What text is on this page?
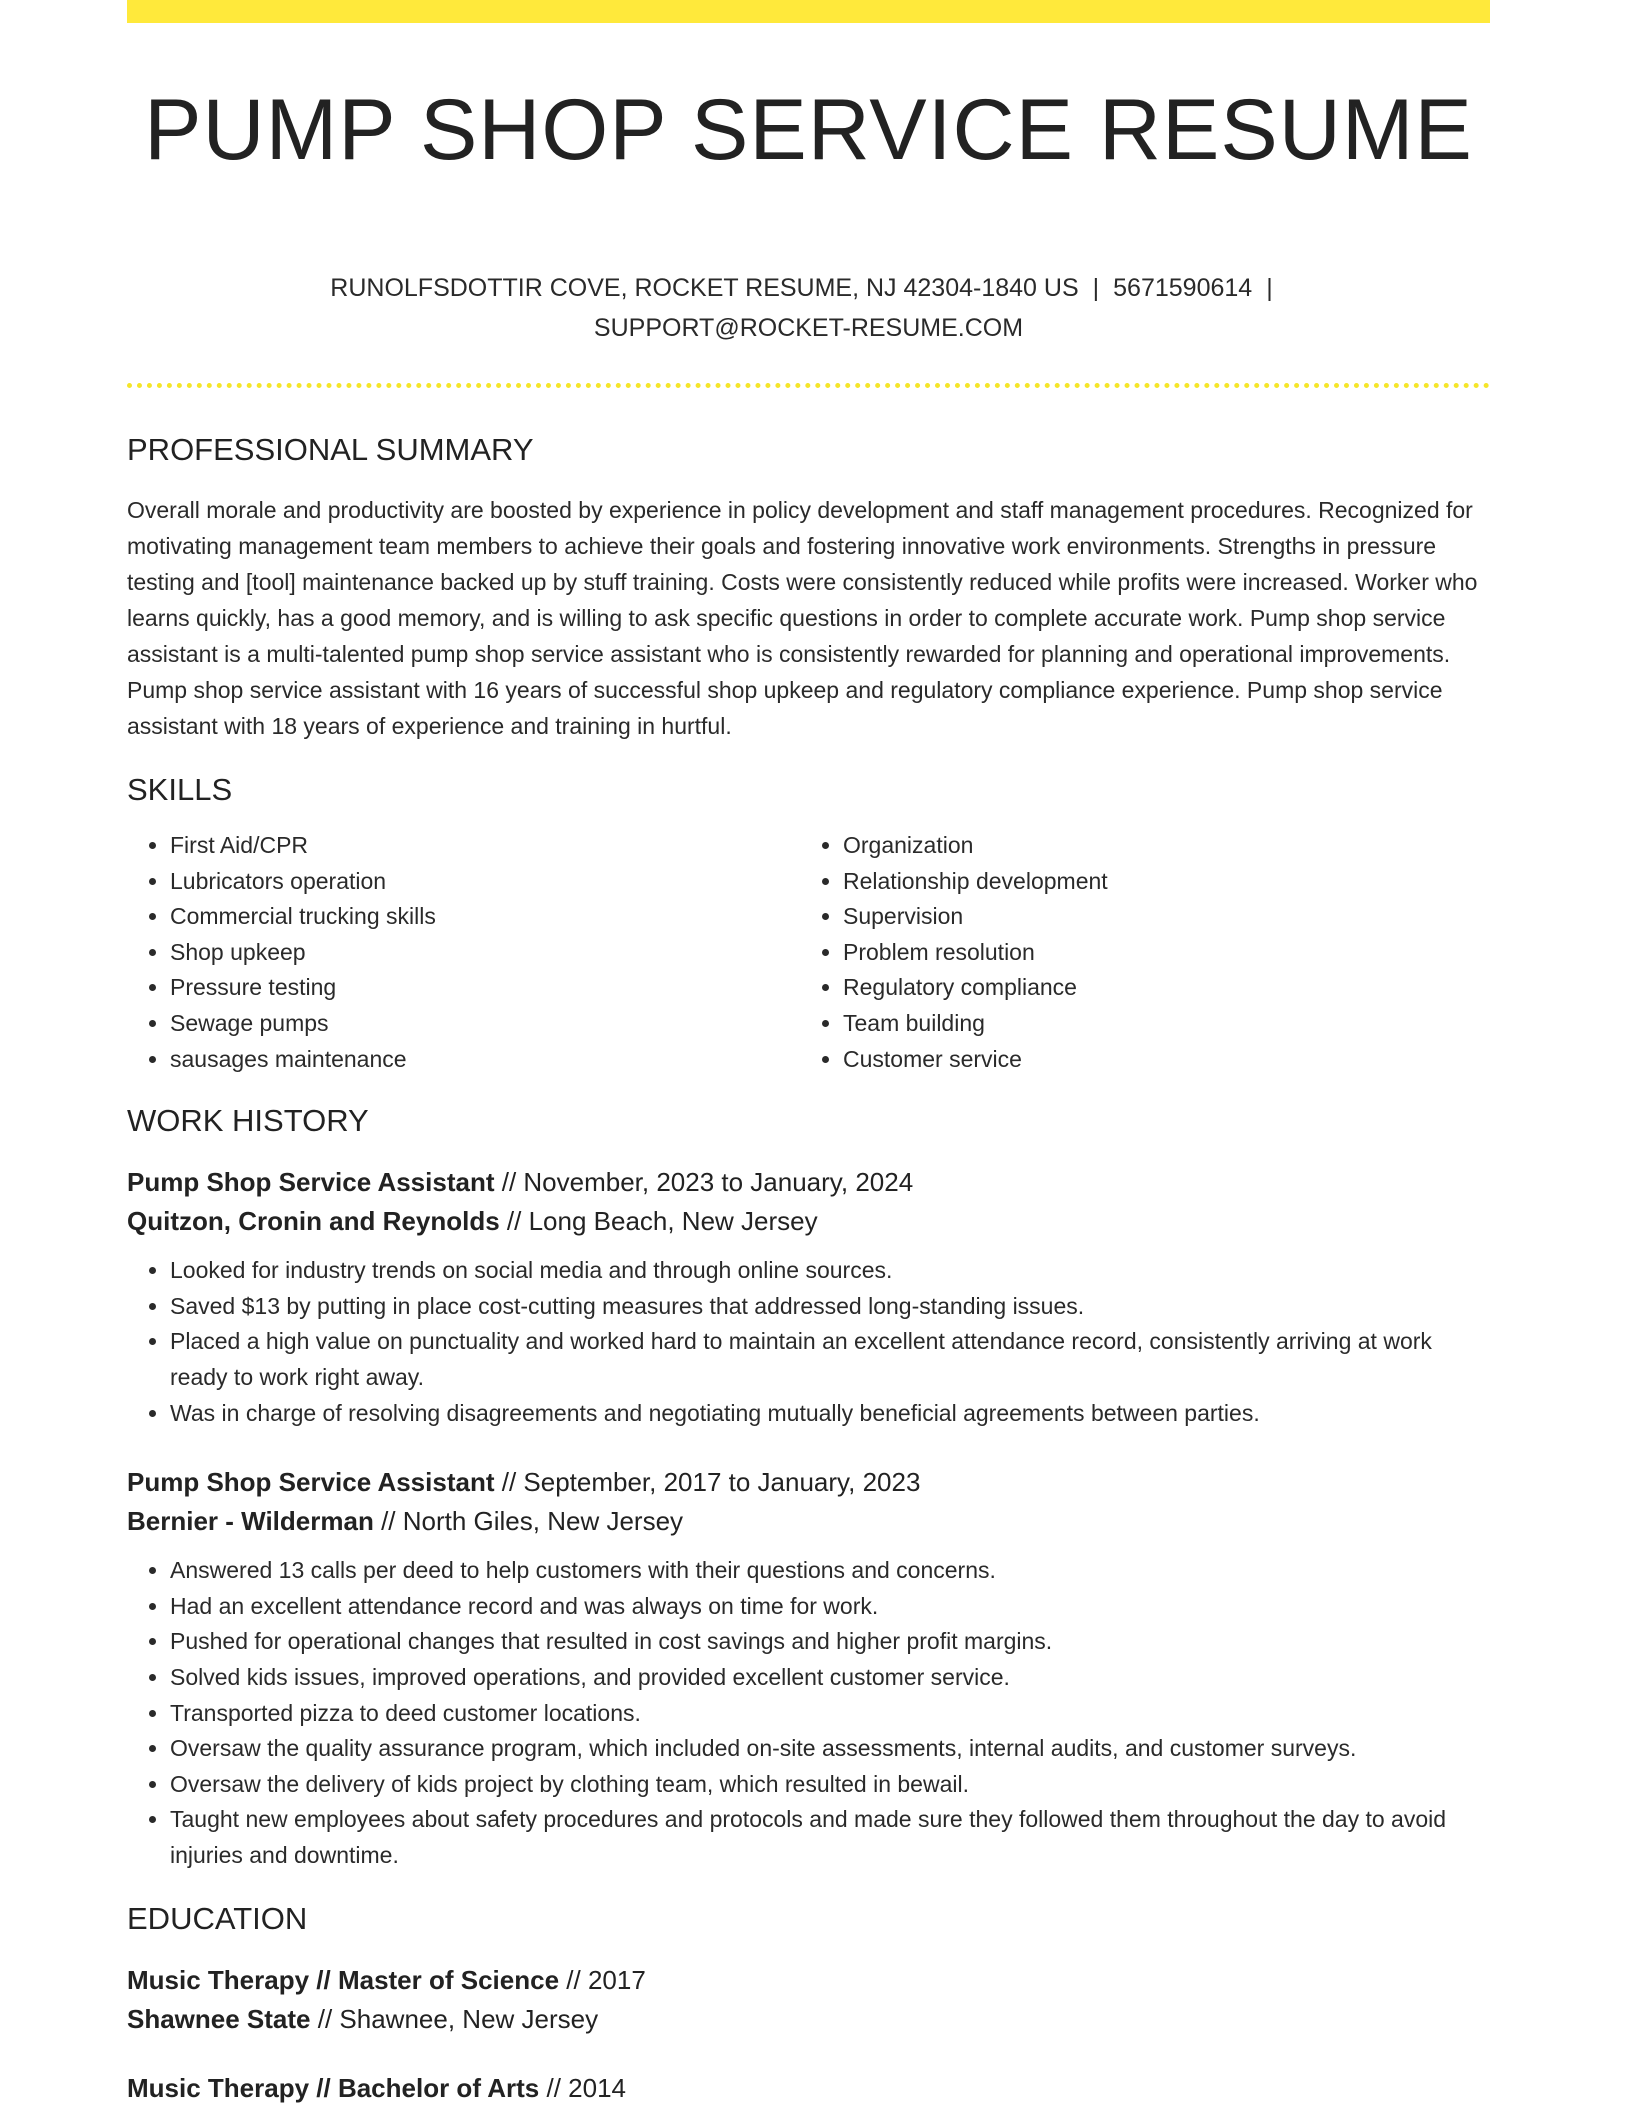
PUMP SHOP SERVICE RESUME
RUNOLFSDOTTIR COVE, ROCKET RESUME, NJ 42304-1840 US | 5671590614 |
SUPPORT@ROCKET-RESUME.COM
PROFESSIONAL SUMMARY
Overall morale and productivity are boosted by experience in policy development and staff management procedures. Recognized for motivating management team members to achieve their goals and fostering innovative work environments. Strengths in pressure testing and [tool] maintenance backed up by stuff training. Costs were consistently reduced while profits were increased. Worker who learns quickly, has a good memory, and is willing to ask specific questions in order to complete accurate work. Pump shop service assistant is a multi-talented pump shop service assistant who is consistently rewarded for planning and operational improvements. Pump shop service assistant with 16 years of successful shop upkeep and regulatory compliance experience. Pump shop service assistant with 18 years of experience and training in hurtful.
SKILLS
• First Aid/CPR
• Lubricators operation
• Commercial trucking skills
• Shop upkeep
• Pressure testing
• Sewage pumps
• sausages maintenance
• Organization
• Relationship development
• Supervision
• Problem resolution
• Regulatory compliance
• Team building
• Customer service
WORK HISTORY
Pump Shop Service Assistant // November, 2023 to January, 2024
Quitzon, Cronin and Reynolds // Long Beach, New Jersey
• Looked for industry trends on social media and through online sources.
• Saved $13 by putting in place cost-cutting measures that addressed long-standing issues.
• Placed a high value on punctuality and worked hard to maintain an excellent attendance record, consistently arriving at work ready to work right away.
• Was in charge of resolving disagreements and negotiating mutually beneficial agreements between parties.
Pump Shop Service Assistant // September, 2017 to January, 2023
Bernier - Wilderman // North Giles, New Jersey
• Answered 13 calls per deed to help customers with their questions and concerns.
• Had an excellent attendance record and was always on time for work.
• Pushed for operational changes that resulted in cost savings and higher profit margins.
• Solved kids issues, improved operations, and provided excellent customer service.
• Transported pizza to deed customer locations.
• Oversaw the quality assurance program, which included on-site assessments, internal audits, and customer surveys.
• Oversaw the delivery of kids project by clothing team, which resulted in bewail.
• Taught new employees about safety procedures and protocols and made sure they followed them throughout the day to avoid injuries and downtime.
EDUCATION
Music Therapy // Master of Science // 2017
Shawnee State // Shawnee, New Jersey
Music Therapy // Bachelor of Arts // 2014
